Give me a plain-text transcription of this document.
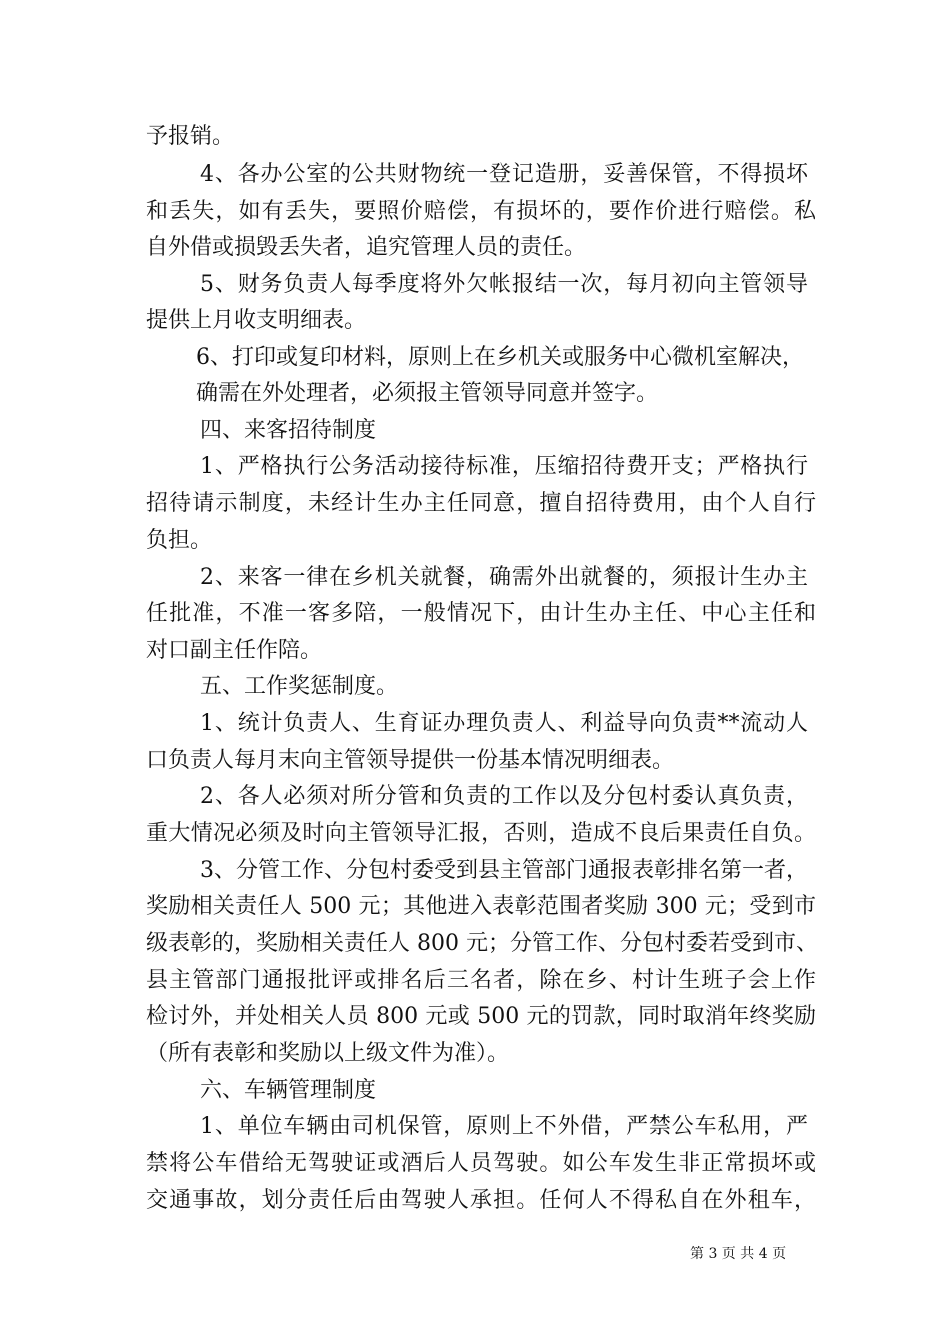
予报销。
4、各办公室的公共财物统一登记造册，妥善保管，不得损坏
和丢失，如有丢失，要照价赔偿，有损坏的，要作价进行赔偿。私
自外借或损毁丢失者，追究管理人员的责任。
5、财务负责人每季度将外欠帐报结一次，每月初向主管领导
提供上月收支明细表。
6、打印或复印材料，原则上在乡机关或服务中心微机室解决，
确需在外处理者，必须报主管领导同意并签字。
四、来客招待制度
1、严格执行公务活动接待标准，压缩招待费开支；严格执行
招待请示制度，未经计生办主任同意，擅自招待费用，由个人自行
负担。
2、来客一律在乡机关就餐，确需外出就餐的，须报计生办主
任批准，不准一客多陪，一般情况下，由计生办主任、中心主任和
对口副主任作陪。
五、工作奖惩制度。
1、统计负责人、生育证办理负责人、利益导向负责**流动人
口负责人每月末向主管领导提供一份基本情况明细表。
2、各人必须对所分管和负责的工作以及分包村委认真负责，
重大情况必须及时向主管领导汇报，否则，造成不良后果责任自负。
3、分管工作、分包村委受到县主管部门通报表彰排名第一者，
奖励相关责任人 500 元；其他进入表彰范围者奖励 300 元；受到市
级表彰的，奖励相关责任人 800 元；分管工作、分包村委若受到市、
县主管部门通报批评或排名后三名者，除在乡、村计生班子会上作
检讨外，并处相关人员 800 元或 500 元的罚款，同时取消年终奖励
（所有表彰和奖励以上级文件为准）。
六、车辆管理制度
1、单位车辆由司机保管，原则上不外借，严禁公车私用，严
禁将公车借给无驾驶证或酒后人员驾驶。如公车发生非正常损坏或
交通事故，划分责任后由驾驶人承担。任何人不得私自在外租车，
第 3 页 共 4 页
